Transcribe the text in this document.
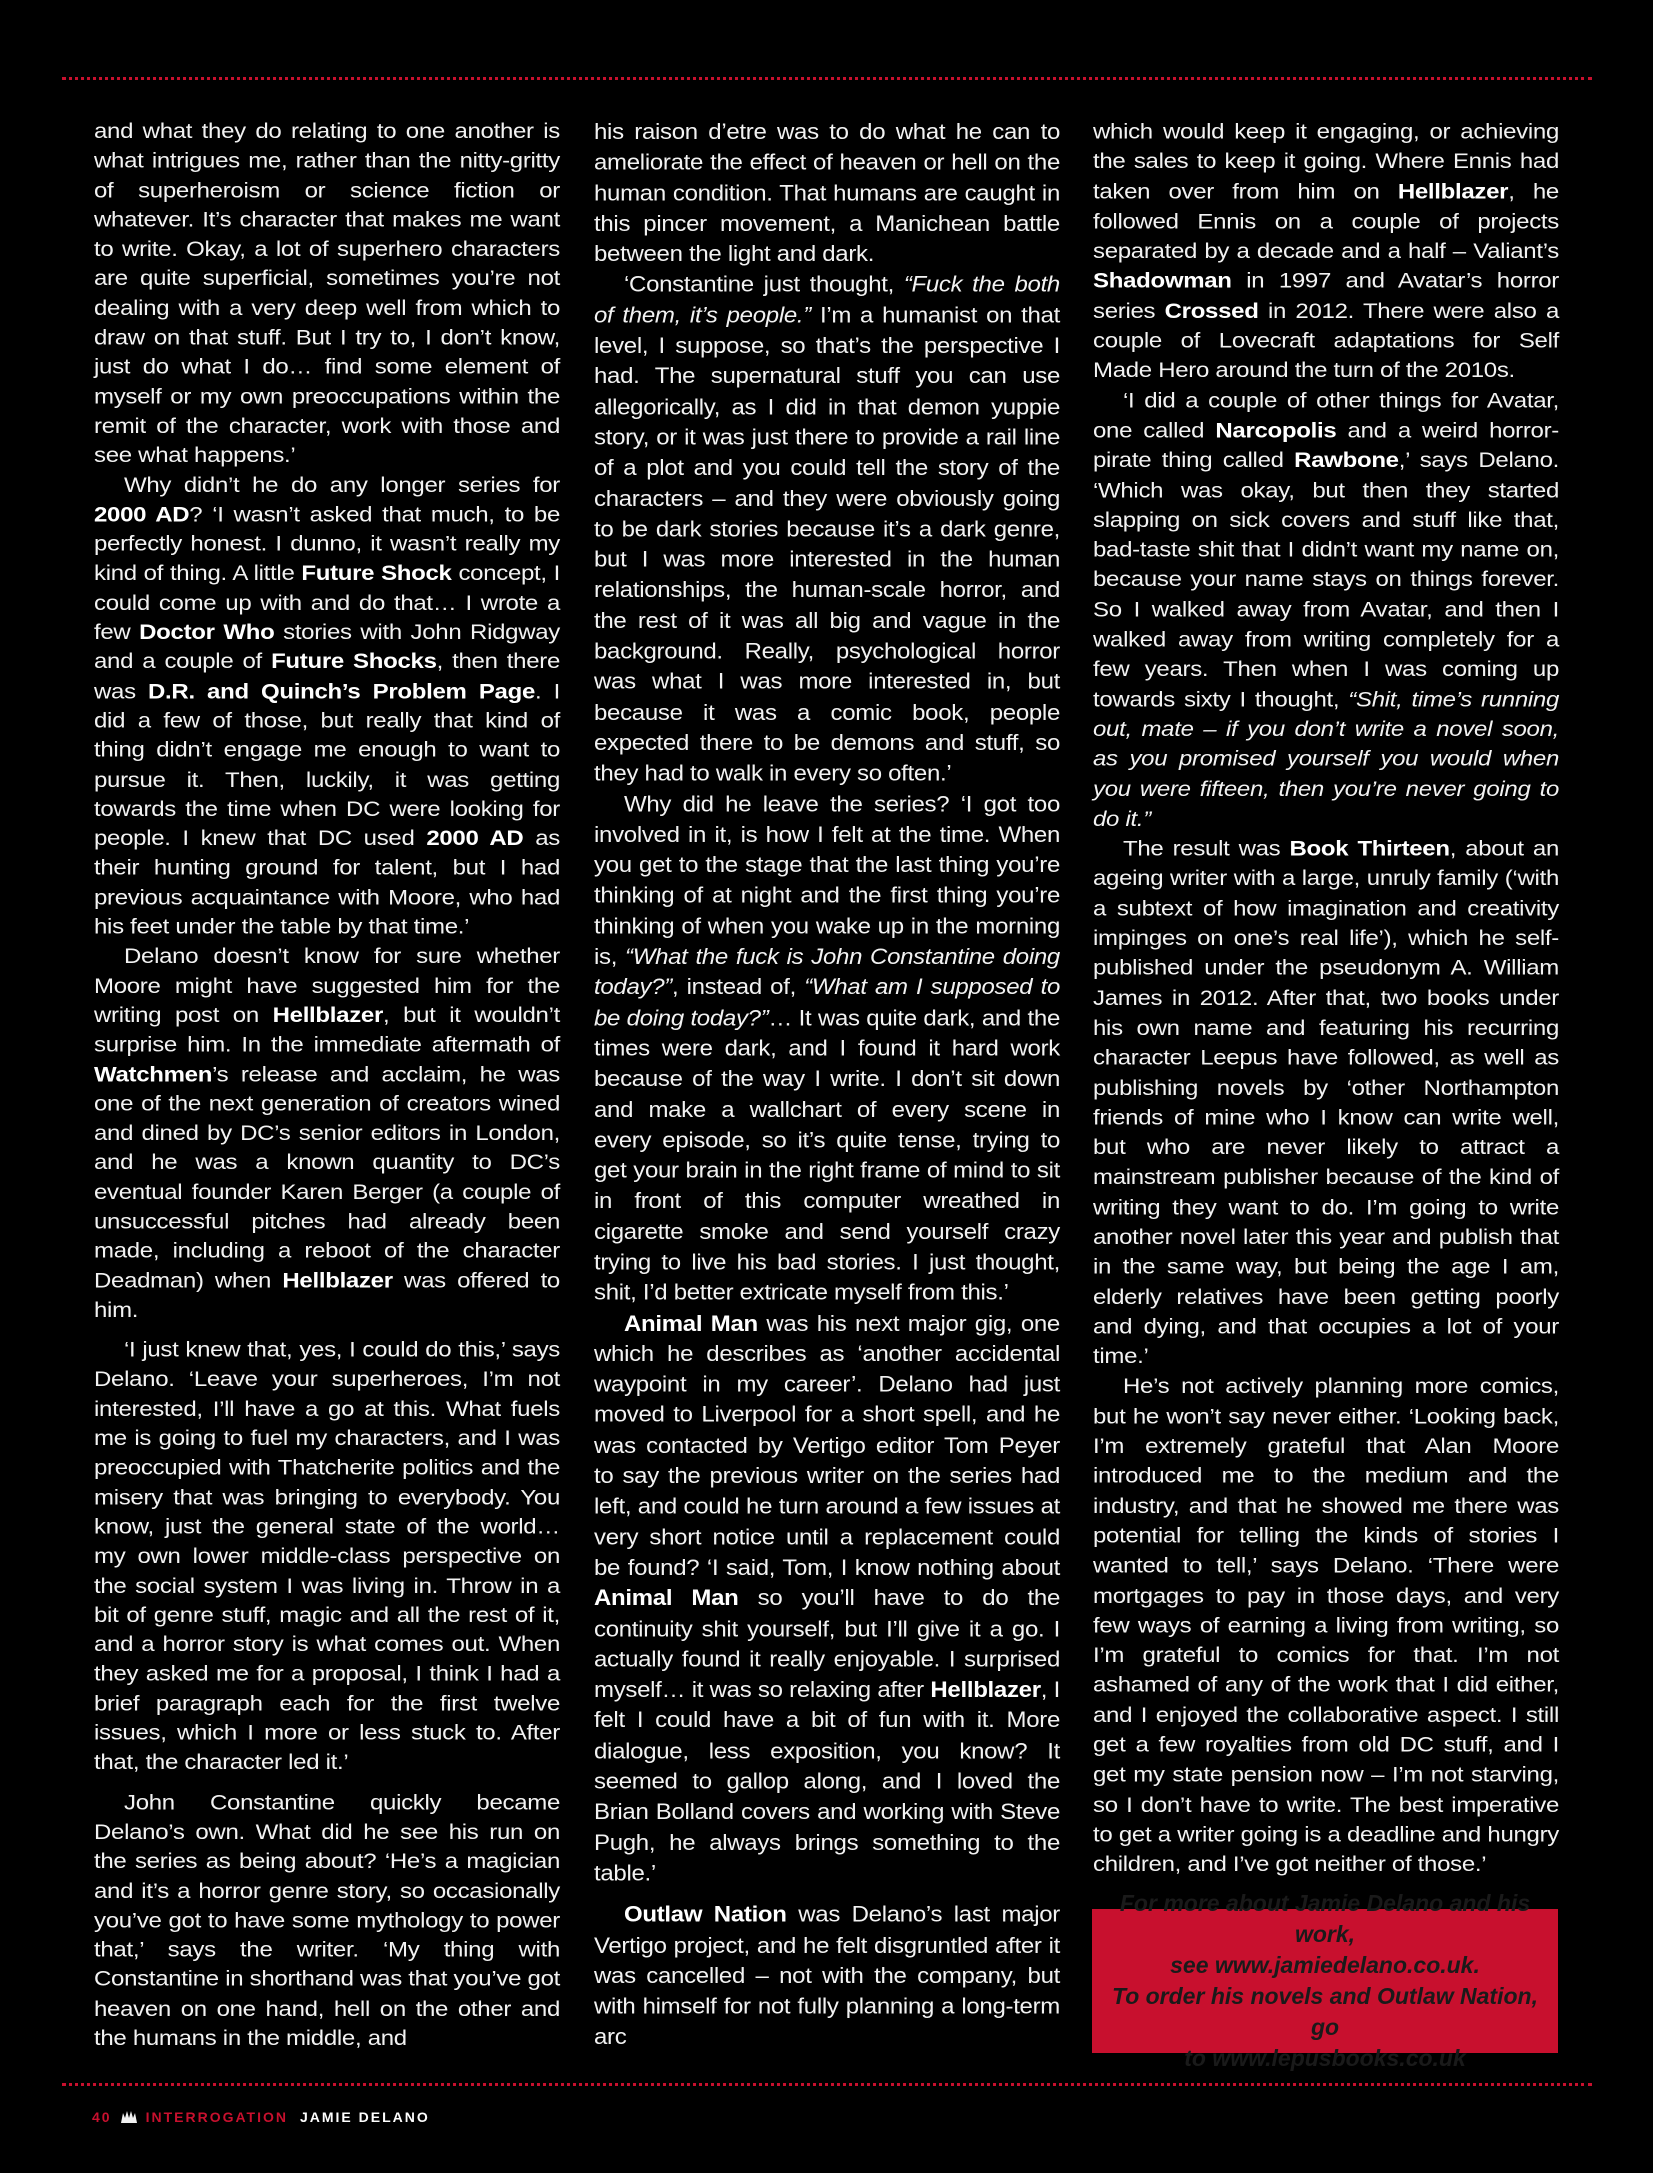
and what they do relating to one another is what intrigues me, rather than the nitty-gritty of superheroism or science fiction or whatever. It’s character that makes me want to write. Okay, a lot of superhero characters are quite superficial, sometimes you’re not dealing with a very deep well from which to draw on that stuff. But I try to, I don’t know, just do what I do… find some element of myself or my own preoccupations within the remit of the character, work with those and see what happens.’

Why didn’t he do any longer series for 2000 AD? ‘I wasn’t asked that much, to be perfectly honest. I dunno, it wasn’t really my kind of thing. A little Future Shock concept, I could come up with and do that… I wrote a few Doctor Who stories with John Ridgway and a couple of Future Shocks, then there was D.R. and Quinch’s Problem Page. I did a few of those, but really that kind of thing didn’t engage me enough to want to pursue it. Then, luckily, it was getting towards the time when DC were looking for people. I knew that DC used 2000 AD as their hunting ground for talent, but I had previous acquaintance with Moore, who had his feet under the table by that time.’

Delano doesn’t know for sure whether Moore might have suggested him for the writing post on Hellblazer, but it wouldn’t surprise him. In the immediate aftermath of Watchmen’s release and acclaim, he was one of the next generation of creators wined and dined by DC’s senior editors in London, and he was a known quantity to DC’s eventual founder Karen Berger (a couple of unsuccessful pitches had already been made, including a reboot of the character Deadman) when Hellblazer was offered to him.

‘I just knew that, yes, I could do this,’ says Delano. ‘Leave your superheroes, I’m not interested, I’ll have a go at this. What fuels me is going to fuel my characters, and I was preoccupied with Thatcherite politics and the misery that was bringing to everybody. You know, just the general state of the world… my own lower middle-class perspective on the social system I was living in. Throw in a bit of genre stuff, magic and all the rest of it, and a horror story is what comes out. When they asked me for a proposal, I think I had a brief paragraph each for the first twelve issues, which I more or less stuck to. After that, the character led it.’

John Constantine quickly became Delano’s own. What did he see his run on the series as being about? ‘He’s a magician and it’s a horror genre story, so occasionally you’ve got to have some mythology to power that,’ says the writer. ‘My thing with Constantine in shorthand was that you’ve got heaven on one hand, hell on the other and the humans in the middle, and

his raison d’etre was to do what he can to ameliorate the effect of heaven or hell on the human condition. That humans are caught in this pincer movement, a Manichean battle between the light and dark.

‘Constantine just thought, “Fuck the both of them, it’s people.” I’m a humanist on that level, I suppose, so that’s the perspective I had. The supernatural stuff you can use allegorically, as I did in that demon yuppie story, or it was just there to provide a rail line of a plot and you could tell the story of the characters – and they were obviously going to be dark stories because it’s a dark genre, but I was more interested in the human relationships, the human-scale horror, and the rest of it was all big and vague in the background. Really, psychological horror was what I was more interested in, but because it was a comic book, people expected there to be demons and stuff, so they had to walk in every so often.’

Why did he leave the series? ‘I got too involved in it, is how I felt at the time. When you get to the stage that the last thing you’re thinking of at night and the first thing you’re thinking of when you wake up in the morning is, “What the fuck is John Constantine doing today?”, instead of, “What am I supposed to be doing today?”… It was quite dark, and the times were dark, and I found it hard work because of the way I write. I don’t sit down and make a wallchart of every scene in every episode, so it’s quite tense, trying to get your brain in the right frame of mind to sit in front of this computer wreathed in cigarette smoke and send yourself crazy trying to live his bad stories. I just thought, shit, I’d better extricate myself from this.’

Animal Man was his next major gig, one which he describes as ‘another accidental waypoint in my career’. Delano had just moved to Liverpool for a short spell, and he was contacted by Vertigo editor Tom Peyer to say the previous writer on the series had left, and could he turn around a few issues at very short notice until a replacement could be found? ‘I said, Tom, I know nothing about Animal Man so you’ll have to do the continuity shit yourself, but I’ll give it a go. I actually found it really enjoyable. I surprised myself… it was so relaxing after Hellblazer, I felt I could have a bit of fun with it. More dialogue, less exposition, you know? It seemed to gallop along, and I loved the Brian Bolland covers and working with Steve Pugh, he always brings something to the table.’

Outlaw Nation was Delano’s last major Vertigo project, and he felt disgruntled after it was cancelled – not with the company, but with himself for not fully planning a long-term arc

which would keep it engaging, or achieving the sales to keep it going. Where Ennis had taken over from him on Hellblazer, he followed Ennis on a couple of projects separated by a decade and a half – Valiant’s Shadowman in 1997 and Avatar’s horror series Crossed in 2012. There were also a couple of Lovecraft adaptations for Self Made Hero around the turn of the 2010s.

‘I did a couple of other things for Avatar, one called Narcopolis and a weird horror-pirate thing called Rawbone,’ says Delano. ‘Which was okay, but then they started slapping on sick covers and stuff like that, bad-taste shit that I didn’t want my name on, because your name stays on things forever. So I walked away from Avatar, and then I walked away from writing completely for a few years. Then when I was coming up towards sixty I thought, “Shit, time’s running out, mate – if you don’t write a novel soon, as you promised yourself you would when you were fifteen, then you’re never going to do it.”

The result was Book Thirteen, about an ageing writer with a large, unruly family (‘with a subtext of how imagination and creativity impinges on one’s real life’), which he self-published under the pseudonym A. William James in 2012. After that, two books under his own name and featuring his recurring character Leepus have followed, as well as publishing novels by ‘other Northampton friends of mine who I know can write well, but who are never likely to attract a mainstream publisher because of the kind of writing they want to do. I’m going to write another novel later this year and publish that in the same way, but being the age I am, elderly relatives have been getting poorly and dying, and that occupies a lot of your time.’

He’s not actively planning more comics, but he won’t say never either. ‘Looking back, I’m extremely grateful that Alan Moore introduced me to the medium and the industry, and that he showed me there was potential for telling the kinds of stories I wanted to tell,’ says Delano. ‘There were mortgages to pay in those days, and very few ways of earning a living from writing, so I’m grateful to comics for that. I’m not ashamed of any of the work that I did either, and I enjoyed the collaborative aspect. I still get a few royalties from old DC stuff, and I get my state pension now – I’m not starving, so I don’t have to write. The best imperative to get a writer going is a deadline and hungry children, and I’ve got neither of those.’

For more about Jamie Delano and his work,
see www.jamiedelano.co.uk.
To order his novels and Outlaw Nation, go
to www.lepusbooks.co.uk
40 INTERROGATION JAMIE DELANO
